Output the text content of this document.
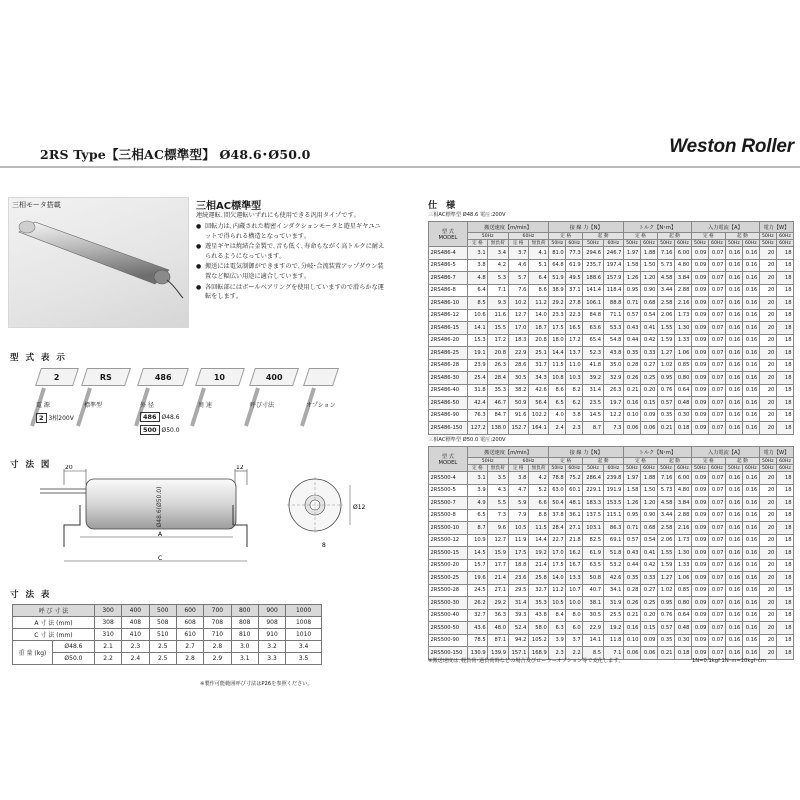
2RS Type【三相AC標準型】 Ø48.6･Ø50.0	Weston Roller
三相モータ搭載	三相AC標準型
連続運転､間欠運転いずれにも使用できる汎用タイプです｡
● 回転力は､内蔵された精密インダクションモータと遊星ギヤユニットで得られる構造となっています｡
● 遊星ギヤは焼結合金製で､音も低く､寿命もながく高トルクに耐えられるようになっています｡
● 搬送には電気制御ができますので､分岐･合流装置アップダウン装置など幅広い用途に適合しています｡
● 各回転部にはボールベアリングを使用していますので滑らかな運転をします｡
型 式 表 示
2	RS	486	10	400
電 源	標準型	外 径	周 速	呼び寸法	オプション
2 3相200V	486 Ø48.6
500 Ø50.0
寸 法 図
Ø48.6(Ø50.0)
A
C
20	12
Ø12
8
寸 法 表
呼 び 寸 法		300	400	500	600	700	800	900	1000
A 寸 法 (mm)		308	408	508	608	708	808	908	1008
C 寸 法 (mm)		310	410	510	610	710	810	910	1010
重 量 (kg)	Ø48.6	2.1	2.3	2.5	2.7	2.8	3.0	3.2	3.4
	Ø50.0	2.2	2.4	2.5	2.8	2.9	3.1	3.3	3.5
※製作可能範囲呼び寸法はP26を参照ください｡
仕 様
三相AC標準型 Ø48.6 電圧:200V
型 式
MODEL	搬送速度【m/min】				接 線 力【N】				トルク【N･m】				入力電流【A】				電力【W】	
	50Hz		60Hz		定 格		起 動		定 格		起 動		定 格		起 動		50Hz	60Hz
	定 格	無負荷	定 格	無負荷	50Hz	60Hz	50Hz	60Hz	50Hz	60Hz	50Hz	60Hz	50Hz	60Hz	50Hz	60Hz	50Hz	60Hz
2RS486-4	3.1	3.4	3.7	4.1	81.0	77.3	294.6	246.7	1.97	1.88	7.16	6.00	0.09	0.07	0.16	0.16	20	18
2RS486-5	3.8	4.2	4.6	5.1	64.8	61.9	235.7	197.4	1.58	1.50	5.73	4.80	0.09	0.07	0.16	0.16	20	18
2RS486-7	4.8	5.3	5.7	6.4	51.9	49.5	188.6	157.9	1.26	1.20	4.58	3.84	0.09	0.07	0.16	0.16	20	18
2RS486-8	6.4	7.1	7.6	8.6	38.9	37.1	141.4	118.4	0.95	0.90	3.44	2.88	0.09	0.07	0.16	0.16	20	18
2RS486-10	8.5	9.3	10.2	11.2	29.2	27.8	106.1	88.8	0.71	0.68	2.58	2.16	0.09	0.07	0.16	0.16	20	18
2RS486-12	10.6	11.6	12.7	14.0	23.3	22.3	84.8	71.1	0.57	0.54	2.06	1.73	0.09	0.07	0.16	0.16	20	18
2RS486-15	14.1	15.5	17.0	18.7	17.5	16.5	63.6	53.3	0.43	0.41	1.55	1.30	0.09	0.07	0.16	0.16	20	18
2RS486-20	15.3	17.2	18.3	20.8	18.0	17.2	65.4	54.8	0.44	0.42	1.59	1.33	0.09	0.07	0.16	0.16	20	18
2RS486-25	19.1	20.8	22.9	25.1	14.4	13.7	52.3	43.8	0.35	0.33	1.27	1.06	0.09	0.07	0.16	0.16	20	18
2RS486-28	23.9	26.3	28.6	31.7	11.5	11.0	41.8	35.0	0.28	0.27	1.02	0.85	0.09	0.07	0.16	0.16	20	18
2RS486-30	25.4	28.4	30.5	34.3	10.8	10.3	39.2	32.9	0.26	0.25	0.95	0.80	0.09	0.07	0.16	0.16	20	18
2RS486-40	31.8	35.3	38.2	42.6	8.6	8.2	31.4	26.3	0.21	0.20	0.76	0.64	0.09	0.07	0.16	0.16	20	18
2RS486-50	42.4	46.7	50.9	56.4	6.5	6.2	23.5	19.7	0.16	0.15	0.57	0.48	0.09	0.07	0.16	0.16	20	18
2RS486-90	76.3	84.7	91.6	102.2	4.0	3.8	14.5	12.2	0.10	0.09	0.35	0.30	0.09	0.07	0.16	0.16	20	18
2RS486-150	127.2	138.0	152.7	164.1	2.4	2.3	8.7	7.3	0.06	0.06	0.21	0.18	0.09	0.07	0.16	0.16	20	18
三相AC標準型 Ø50.0 電圧:200V
型 式
MODEL	搬送速度【m/min】				接 線 力【N】				トルク【N･m】				入力電流【A】				電力【W】	
	50Hz		60Hz		定 格		起 動		定 格		起 動		定 格		起 動		50Hz	60Hz
	定 格	無負荷	定 格	無負荷	50Hz	60Hz	50Hz	60Hz	50Hz	60Hz	50Hz	60Hz	50Hz	60Hz	50Hz	60Hz	50Hz	60Hz
2RS500-4	3.1	3.5	3.8	4.2	78.8	75.2	286.4	239.8	1.97	1.88	7.16	6.00	0.09	0.07	0.16	0.16	20	18
2RS500-5	3.9	4.3	4.7	5.2	63.0	60.1	229.1	191.9	1.58	1.50	5.73	4.80	0.09	0.07	0.16	0.16	20	18
2RS500-7	4.9	5.5	5.9	6.6	50.4	48.1	183.3	153.5	1.26	1.20	4.58	3.84	0.09	0.07	0.16	0.16	20	18
2RS500-8	6.5	7.3	7.9	8.8	37.8	36.1	137.5	115.1	0.95	0.90	3.44	2.88	0.09	0.07	0.16	0.16	20	18
2RS500-10	8.7	9.6	10.5	11.5	28.4	27.1	103.1	86.3	0.71	0.68	2.58	2.16	0.09	0.07	0.16	0.16	20	18
2RS500-12	10.9	12.7	11.9	14.4	22.7	21.8	82.5	69.1	0.57	0.54	2.06	1.73	0.09	0.07	0.16	0.16	20	18
2RS500-15	14.5	15.9	17.5	19.2	17.0	16.2	61.9	51.8	0.43	0.41	1.55	1.30	0.09	0.07	0.16	0.16	20	18
2RS500-20	15.7	17.7	18.8	21.4	17.5	16.7	63.5	53.2	0.44	0.42	1.59	1.33	0.09	0.07	0.16	0.16	20	18
2RS500-25	19.6	21.4	23.6	25.8	14.0	13.3	50.8	42.6	0.35	0.33	1.27	1.06	0.09	0.07	0.16	0.16	20	18
2RS500-28	24.5	27.1	29.5	32.7	11.2	10.7	40.7	34.1	0.28	0.27	1.02	0.85	0.09	0.07	0.16	0.16	20	18
2RS500-30	26.2	29.2	31.4	35.3	10.5	10.0	38.1	31.9	0.26	0.25	0.95	0.80	0.09	0.07	0.16	0.16	20	18
2RS500-40	32.7	36.3	39.3	43.8	8.4	8.0	30.5	25.5	0.21	0.20	0.76	0.64	0.09	0.07	0.16	0.16	20	18
2RS500-50	43.6	48.0	52.4	58.0	6.3	6.0	22.9	19.2	0.16	0.15	0.57	0.48	0.09	0.07	0.16	0.16	20	18
2RS500-90	78.5	87.1	94.2	105.2	3.9	3.7	14.1	11.8	0.10	0.09	0.35	0.30	0.09	0.07	0.16	0.16	20	18
2RS500-150	130.9	139.9	157.1	168.9	2.3	2.2	8.5	7.1	0.06	0.06	0.21	0.18	0.09	0.07	0.16	0.16	20	18
※搬送速度は､軽負荷･過負荷時などの場合及びローラーオプション等で変化します｡	1N=0.1kgf 1N･m=10kgf･cm
